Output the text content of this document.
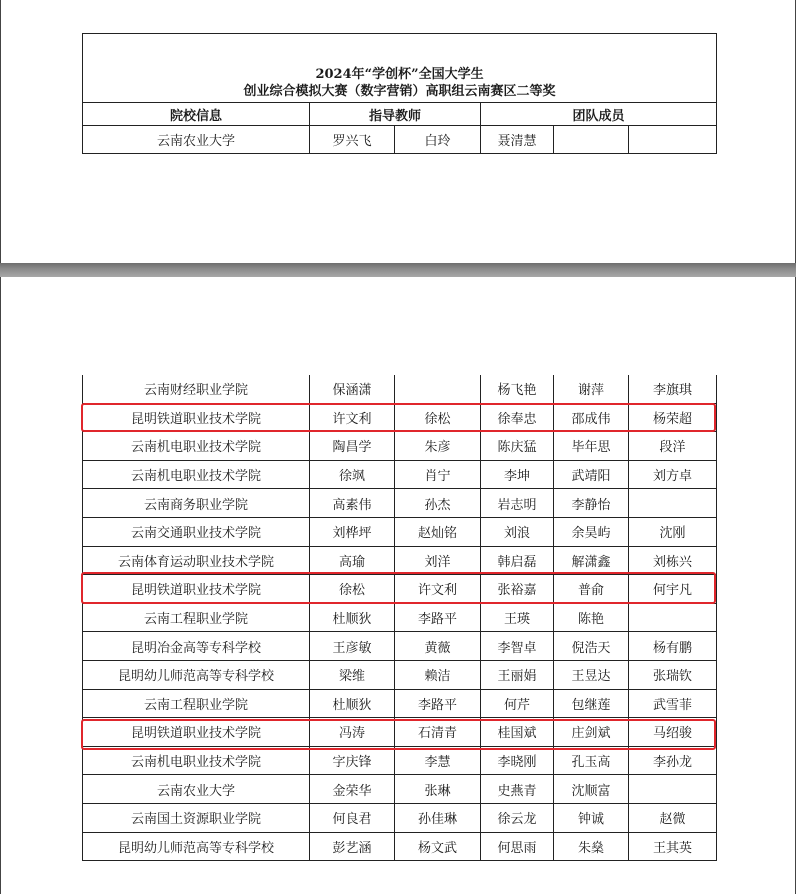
2024年“学创杯”全国大学生
创业综合模拟大赛（数字营销）高职组云南赛区二等奖					

院校信息	指导教师		团队成员		
云南农业大学	罗兴飞	白玲	聂清慧		
云南财经职业学院	保涵潇		杨飞艳	谢萍	李旗琪
昆明铁道职业技术学院	许文利	徐松	徐奉忠	邵成伟	杨荣超
云南机电职业技术学院	陶昌学	朱彦	陈庆猛	毕年思	段洋
云南机电职业技术学院	徐飒	肖宁	李坤	武靖阳	刘方卓
云南商务职业学院	高素伟	孙杰	岩志明	李静怡	
云南交通职业技术学院	刘桦坪	赵灿铭	刘浪	余昊屿	沈刚
云南体育运动职业技术学院	高瑜	刘洋	韩启磊	解潇鑫	刘栋兴
昆明铁道职业技术学院	徐松	许文利	张裕嘉	普俞	何宇凡
云南工程职业学院	杜顺狄	李路平	王瑛	陈艳	
昆明冶金高等专科学校	王彦敏	黄薇	李智卓	倪浩天	杨有鹏
昆明幼儿师范高等专科学校	梁维	赖洁	王丽娟	王昱达	张瑞钦
云南工程职业学院	杜顺狄	李路平	何芹	包继莲	武雪菲
昆明铁道职业技术学院	冯涛	石清青	桂国斌	庄剑斌	马绍骏
云南机电职业技术学院	字庆锋	李慧	李晓刚	孔玉高	李孙龙
云南农业大学	金荣华	张琳	史燕青	沈顺富	
云南国土资源职业学院	何良君	孙佳琳	徐云龙	钟诚	赵微
昆明幼儿师范高等专科学校	彭艺涵	杨文武	何思雨	朱燊	王其英
